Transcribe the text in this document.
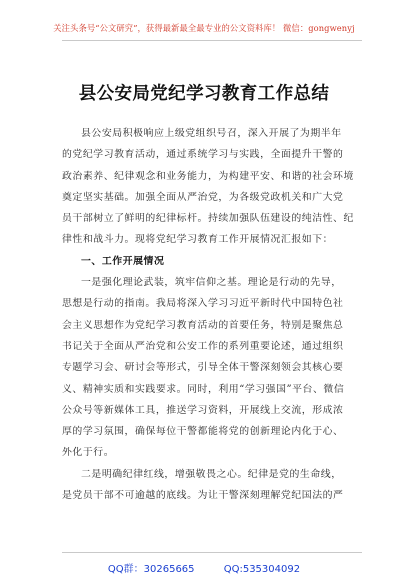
关注头条号“公文研究”，获得最新最全最专业的公文资料库！ 微信：gongwenyj
县公安局党纪学习教育工作总结

县公安局积极响应上级党组织号召，深入开展了为期半年

的党纪学习教育活动，通过系统学习与实践，全面提升干警的

政治素养、纪律观念和业务能力，为构建平安、和谐的社会环境

奠定坚实基础。加强全面从严治党，为各级党政机关和广大党

员干部树立了鲜明的纪律标杆。持续加强队伍建设的纯洁性、纪

律性和战斗力。现将党纪学习教育工作开展情况汇报如下：

一、工作开展情况

一是强化理论武装，筑牢信仰之基。理论是行动的先导，

思想是行动的指南。我局将深入学习习近平新时代中国特色社

会主义思想作为党纪学习教育活动的首要任务，特别是聚焦总

书记关于全面从严治党和公安工作的系列重要论述，通过组织

专题学习会、研讨会等形式，引导全体干警深刻领会其核心要

义、精神实质和实践要求。同时，利用“学习强国”平台、微信

公众号等新媒体工具，推送学习资料，开展线上交流，形成浓

厚的学习氛围，确保每位干警都能将党的创新理论内化于心、

外化于行。

二是明确纪律红线，增强敬畏之心。纪律是党的生命线，

是党员干部不可逾越的底线。为让干警深刻理解党纪国法的严

QQ群：30265665	QQ:535304092
